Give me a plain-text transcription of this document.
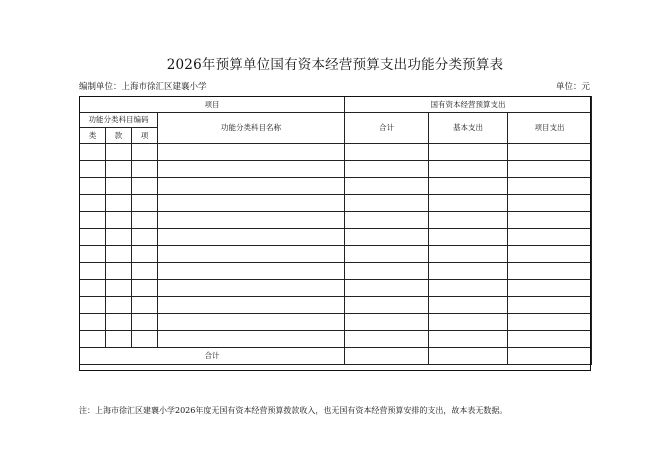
2026年预算单位国有资本经营预算支出功能分类预算表
编制单位：上海市徐汇区建襄小学	单位：元
项目				国有资本经营预算支出		
功能分类科目编码			功能分类科目名称	合计	基本支出	项目支出
类	款	项				

合计						
注：上海市徐汇区建襄小学2026年度无国有资本经营预算拨款收入，也无国有资本经营预算安排的支出，故本表无数据。
